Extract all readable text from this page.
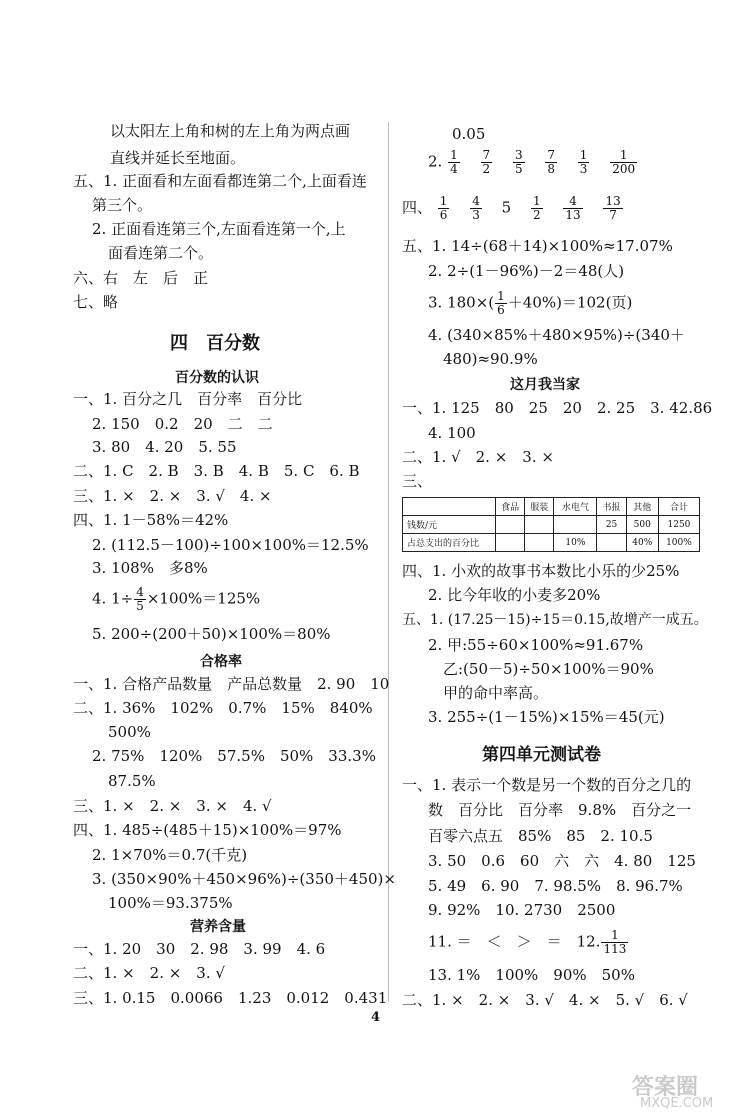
以太阳左上角和树的左上角为两点画
直线并延长至地面。
五、1. 正面看和左面看都连第二个,上面看连
第三个。
2. 正面看连第三个,左面看连第一个,上
面看连第二个。
六、右　左　后　正
七、略
四　百分数
百分数的认识
一、1. 百分之几　百分率　百分比
2. 150　0.2　20　二　二
3. 80　4. 20　5. 55
二、1. C　2. B　3. B　4. B　5. C　6. B
三、1. ×　2. ×　3. √　4. ×
四、1. 1－58%＝42%
2. (112.5－100)÷100×100%＝12.5%
3. 108%　多8%
4. $1\div \frac{4}{5} \times 100\%=125\%$
5. 200÷(200＋50)×100%＝80%
合格率
一、1. 合格产品数量　产品总数量　2. 90　10
二、1. 36%　102%　0.7%　15%　840%
500%
2. 75%　120%　57.5%　50%　33.3%
87.5%
三、1. ×　2. ×　3. ×　4. √
四、1. 485÷(485＋15)×100%＝97%
2. 1×70%＝0.7(千克)
3. (350×90%＋450×96%)÷(350＋450)×
100%＝93.375%
营养含量
一、1. 20　30　2. 98　3. 99　4. 6
二、1. ×　2. ×　3. √
三、1. 0.15　0.0066　1.23　0.012　0.431
0.05
2. $\frac{1}{4}$
$\frac{7}{2}$
$\frac{3}{5}$
$\frac{7}{8}$
$\frac{1}{3}$
$\frac{1}{200}$
四、 $\frac{1}{6}$
$\frac{4}{3} 5 \frac{1}{2}$
$\frac{4}{13}$
$\frac{13}{7}$
五、1. 14÷(68＋14)×100%≈17.07%
2. 2÷(1－96%)－2＝48(人)
3. $180\times( \frac{1}{6} +40\%)=102$(页)
4. (340×85%＋480×95%)÷(340＋
480)≈90.9%
这月我当家
一、1. 125　80　25　20　2. 25　3. 42.86
4. 100
二、1. √　2. ×　3. ×
三、
	食品	服装	水电气	书报	其他	合计
钱数/元				25	500	1250
占总支出的百分比			10%		40%	100%
四、1. 小欢的故事书本数比小乐的少25%
2. 比今年收的小麦多20%
五、1. (17.25－15)÷15＝0.15,故增产一成五。
2. 甲:55÷60×100%≈91.67%
乙:(50－5)÷50×100%＝90%
甲的命中率高。
3. 255÷(1－15%)×15%＝45(元)
第四单元测试卷
一、1. 表示一个数是另一个数的百分之几的
数　百分比　百分率　9.8%　百分之一
百零六点五　85%　85　2. 10.5
3. 50　0.6　60　六　六　4. 80　125
5. 49　6. 90　7. 98.5%　8. 96.7%
9. 92%　10. 2730　2500
11. ＝　＜　＞　＝　12. $\frac{1}{113}$
13. 1%　100%　90%　50%
二、1. ×　2. ×　3. √　4. ×　5. √　6. √
4
答案圈
MXQE.COM
